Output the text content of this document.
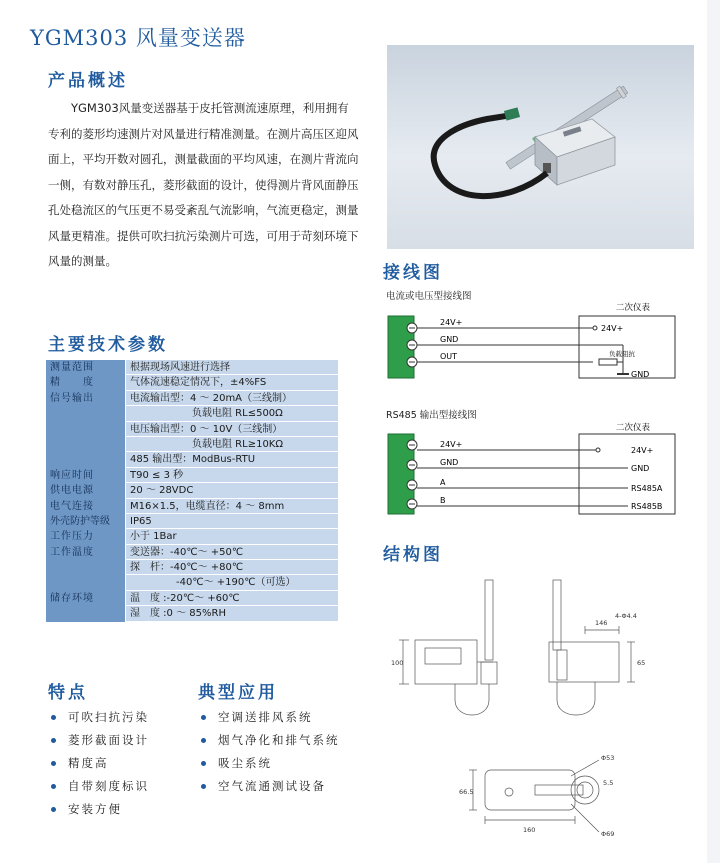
YGM303 风量变送器
产品概述
YGM303风量变送器基于皮托管测流速原理，利用拥有专利的菱形均速测片对风量进行精准测量。在测片高压区迎风面上，平均开数对圆孔，测量截面的平均风速，在测片背流向一侧，有数对静压孔，菱形截面的设计，使得测片背风面静压孔处稳流区的气压更不易受紊乱气流影响，气流更稳定，测量风量更精准。提供可吹扫抗污染测片可选，可用于苛刻环境下风量的测量。
接线图
电流或电压型接线图
二次仪表
24V+
GND
OUT
24V+
负载阻抗
GND
RS485 输出型接线图
二次仪表
24V+
GND
A
B
24V+
GND
RS485A
RS485B
主要技术参数
测量范围	根据现场风速进行选择
精　　度	气体流速稳定情况下，±4%FS
信号输出	电流输出型：4 ～ 20mA（三线制）
负载电阻 RL≤500Ω
电压输出型：0 ～ 10V（三线制）
负载电阻 RL≥10KΩ
485 输出型：ModBus-RTU
响应时间	T90 ≤ 3 秒
供电电源	20 ～ 28VDC
电气连接	M16×1.5，电缆直径：4 ～ 8mm
外壳防护等级	IP65
工作压力	小于 1Bar
工作温度	变送器：-40℃～ +50℃
探　杆：-40℃～ +80℃
-40℃～ +190℃（可选）
储存环境	温　度 :-20℃～ +60℃
湿　度 :0 ～ 85%RH
特点
可吹扫抗污染
菱形截面设计
精度高
自带刻度标识
安装方便
典型应用
空调送排风系统
烟气净化和排气系统
吸尘系统
空气流通测试设备
结构图
100
146
4-Φ4.4
65
66.5
160
Φ53
5.5
Φ69
